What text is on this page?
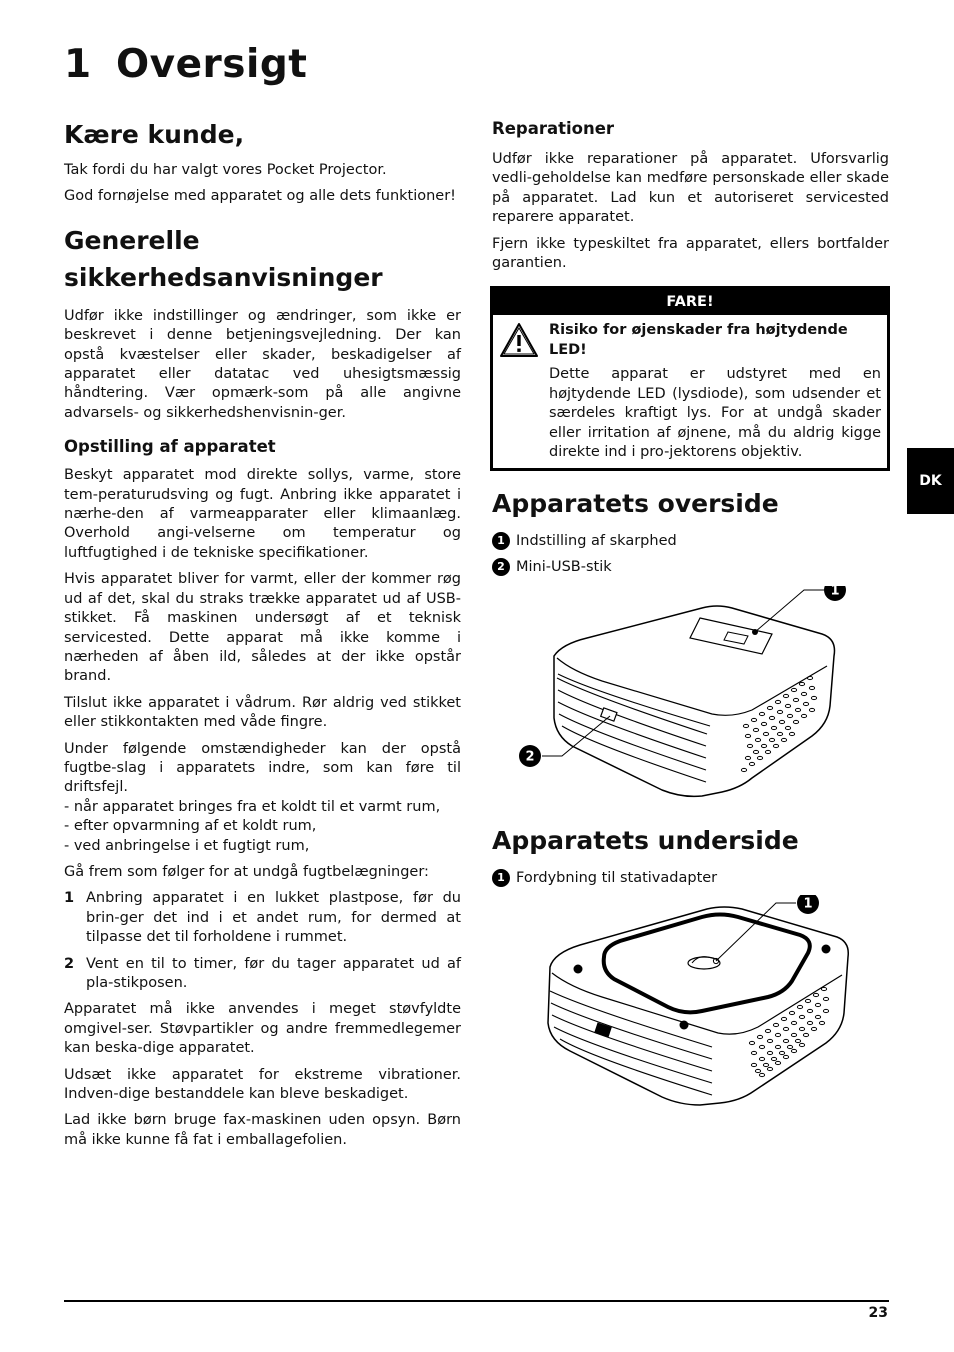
1 Oversigt
Kære kunde,

Tak fordi du har valgt vores Pocket Projector.

God fornøjelse med apparatet og alle dets funktioner!

Generelle
sikkerhedsanvisninger

Udfør ikke indstillinger og ændringer, som ikke er beskrevet i denne betjeningsvejledning. Der kan opstå kvæstelser eller skader, beskadigelser af apparatet eller datatac ved uhesigtsmæssig håndtering. Vær opmærk-som på alle angivne advarsels- og sikkerhedshenvisnin-ger.

Opstilling af apparatet

Beskyt apparatet mod direkte sollys, varme, store tem-peraturudsving og fugt. Anbring ikke apparatet i nærhe-den af varmeapparater eller klimaanlæg. Overhold angi-velserne om temperatur og luftfugtighed i de tekniske specifikationer.

Hvis apparatet bliver for varmt, eller der kommer røg ud af det, skal du straks trække apparatet ud af USB-stikket. Få maskinen undersøgt af et teknisk servicested. Dette apparat må ikke komme i nærheden af åben ild, således at der ikke opstår brand.

Tilslut ikke apparatet i vådrum. Rør aldrig ved stikket eller stikkontakten med våde fingre.

Under følgende omstændigheder kan der opstå fugtbe-slag i apparatets indre, som kan føre til driftsfejl.
- når apparatet bringes fra et koldt til et varmt rum,
- efter opvarmning af et koldt rum,
- ved anbringelse i et fugtigt rum,

Gå frem som følger for at undgå fugtbelægninger:

1 Anbring apparatet i en lukket plastpose, før du brin-ger det ind i et andet rum, for dermed at tilpasse det til forholdene i rummet.
2 Vent en til to timer, før du tager apparatet ud af pla-stikposen.

Apparatet må ikke anvendes i meget støvfyldte omgivel-ser. Støvpartikler og andre fremmedlegemer kan beska-dige apparatet.

Udsæt ikke apparatet for ekstreme vibrationer. Indven-dige bestanddele kan bleve beskadiget.

Lad ikke børn bruge fax-maskinen uden opsyn. Børn må ikke kunne få fat i emballagefolien.

Reparationer

Udfør ikke reparationer på apparatet. Uforsvarlig vedli-geholdelse kan medføre personskade eller skade på apparatet. Lad kun et autoriseret servicested reparere apparatet.

Fjern ikke typeskiltet fra apparatet, ellers bortfalder garantien.

FARE!
Risiko for øjenskader fra højtydende LED!

Dette apparat er udstyret med en højtydende LED (lysdiode), som udsender et særdeles kraftigt lys. For at undgå skader eller irritation af øjnene, må du aldrig kigge direkte ind i pro-jektorens objektiv.

Apparatets overside
1 Indstilling af skarphed
2 Mini-USB-stik
1
2
Apparatets underside
1 Fordybning til stativadapter
1
DK
23
